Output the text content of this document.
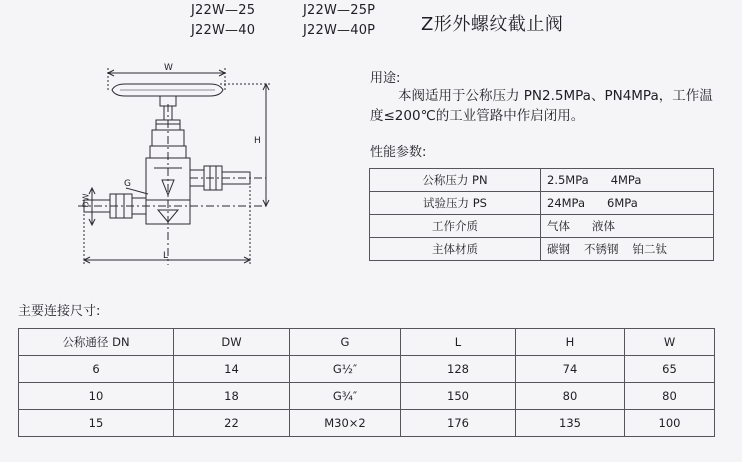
J22W—25
J22W—40
J22W—25P
J22W—40P	Z形外螺纹截止阀
用途:
本阀适用于公称压力 PN2.5MPa、PN4MPa，工作温
度≤200℃的工业管路中作启闭用。
W
H
DW
G
L
性能参数:
公称压力 PN	2.5MPa 4MPa
试验压力 PS	24MPa 6MPa
工作介质	气体 液体
主体材质	碳钢 不锈钢 铂二钛
主要连接尺寸:
公称通径 DN	DW	G	L	H	W
6	14	G½″	128	74	65
10	18	G¾″	150	80	80
15	22	M30×2	176	135	100
